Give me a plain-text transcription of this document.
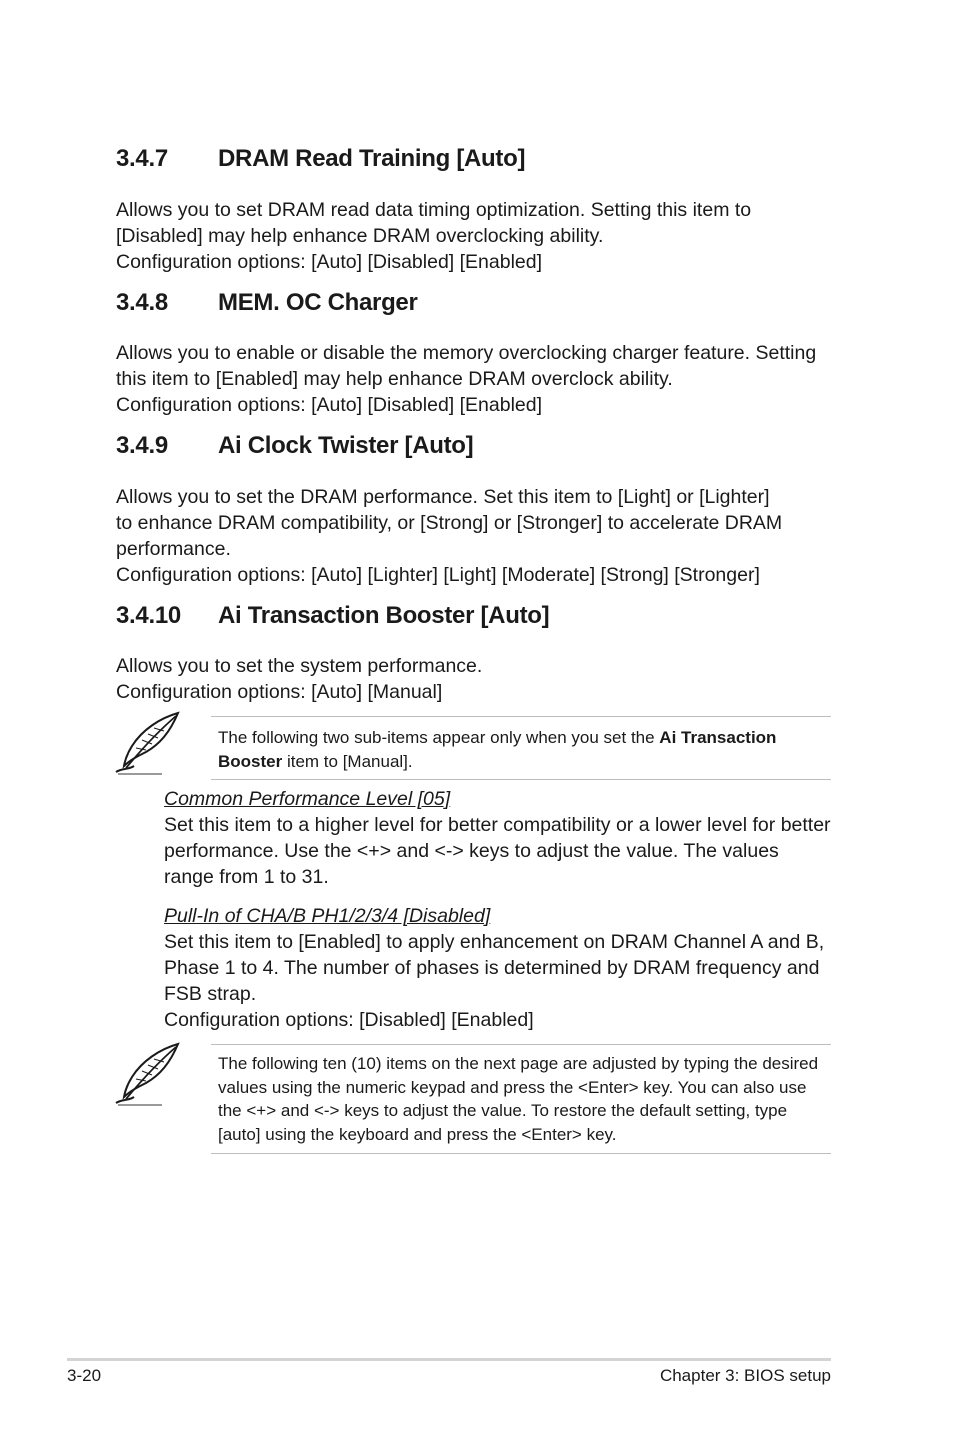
3.4.7 DRAM Read Training [Auto]

Allows you to set DRAM read data timing optimization. Setting this item to

[Disabled] may help enhance DRAM overclocking ability.

Configuration options: [Auto] [Disabled] [Enabled]

3.4.8 MEM. OC Charger

Allows you to enable or disable the memory overclocking charger feature. Setting

this item to [Enabled] may help enhance DRAM overclock ability.

Configuration options: [Auto] [Disabled] [Enabled]

3.4.9 Ai Clock Twister [Auto]

Allows you to set the DRAM performance. Set this item to [Light] or [Lighter]

to enhance DRAM compatibility, or [Strong] or [Stronger] to accelerate DRAM

performance.

Configuration options: [Auto] [Lighter] [Light] [Moderate] [Strong] [Stronger]

3.4.10 Ai Transaction Booster [Auto]

Allows you to set the system performance.

Configuration options: [Auto] [Manual]

The following two sub-items appear only when you set the Ai Transaction
Booster item to [Manual].

Common Performance Level [05]

Set this item to a higher level for better compatibility or a lower level for better

performance. Use the <+> and <-> keys to adjust the value. The values

range from 1 to 31.

Pull-In of CHA/B PH1/2/3/4 [Disabled]

Set this item to [Enabled] to apply enhancement on DRAM Channel A and B,

Phase 1 to 4. The number of phases is determined by DRAM frequency and

FSB strap.

Configuration options: [Disabled] [Enabled]

The following ten (10) items on the next page are adjusted by typing the desired
values using the numeric keypad and press the <Enter> key. You can also use
the <+> and <-> keys to adjust the value. To restore the default setting, type
[auto] using the keyboard and press the <Enter> key.
3-20	Chapter 3: BIOS setup
